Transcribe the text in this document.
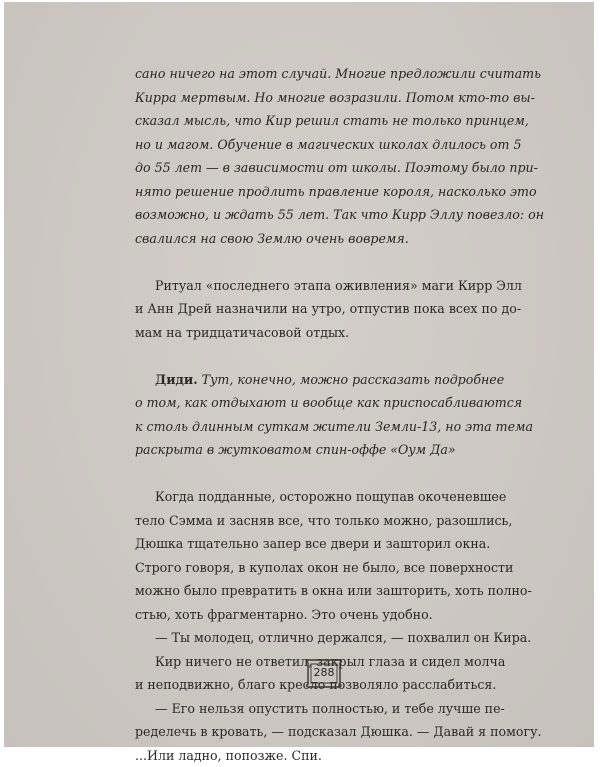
сано ничего на этот случай. Многие предложили считать

Кирра мертвым. Но многие возразили. Потом кто-то вы-

сказал мысль, что Кир решил стать не только принцем,

но и магом. Обучение в магических школах длилось от 5

до 55 лет — в зависимости от школы. Поэтому было при-

нято решение продлить правление короля, насколько это

возможно, и ждать 55 лет. Так что Кирр Эллу повезло: он

свалился на свою Землю очень вовремя.

Ритуал «последнего этапа оживления» маги Кирр Элл

и Анн Дрей назначили на утро, отпустив пока всех по до-

мам на тридцатичасовой отдых.

Диди. Тут, конечно, можно рассказать подробнее

о том, как отдыхают и вообще как приспосабливаются

к столь длинным суткам жители Земли-13, но эта тема

раскрыта в жутковатом спин-оффе «Оум Да»

Когда подданные, осторожно пощупав окоченевшее

тело Сэмма и засняв все, что только можно, разошлись,

Дюшка тщательно запер все двери и зашторил окна.

Строго говоря, в куполах окон не было, все поверхности

можно было превратить в окна или зашторить, хоть полно-

стью, хоть фрагментарно. Это очень удобно.

— Ты молодец, отлично держался, — похвалил он Кира.

Кир ничего не ответил, закрыл глаза и сидел молча

и неподвижно, благо кресло позволяло расслабиться.

— Его нельзя опустить полностью, и тебе лучше пе-

ределечь в кровать, — подсказал Дюшка. — Давай я помогу.

...Или ладно, попозже. Спи.

288
